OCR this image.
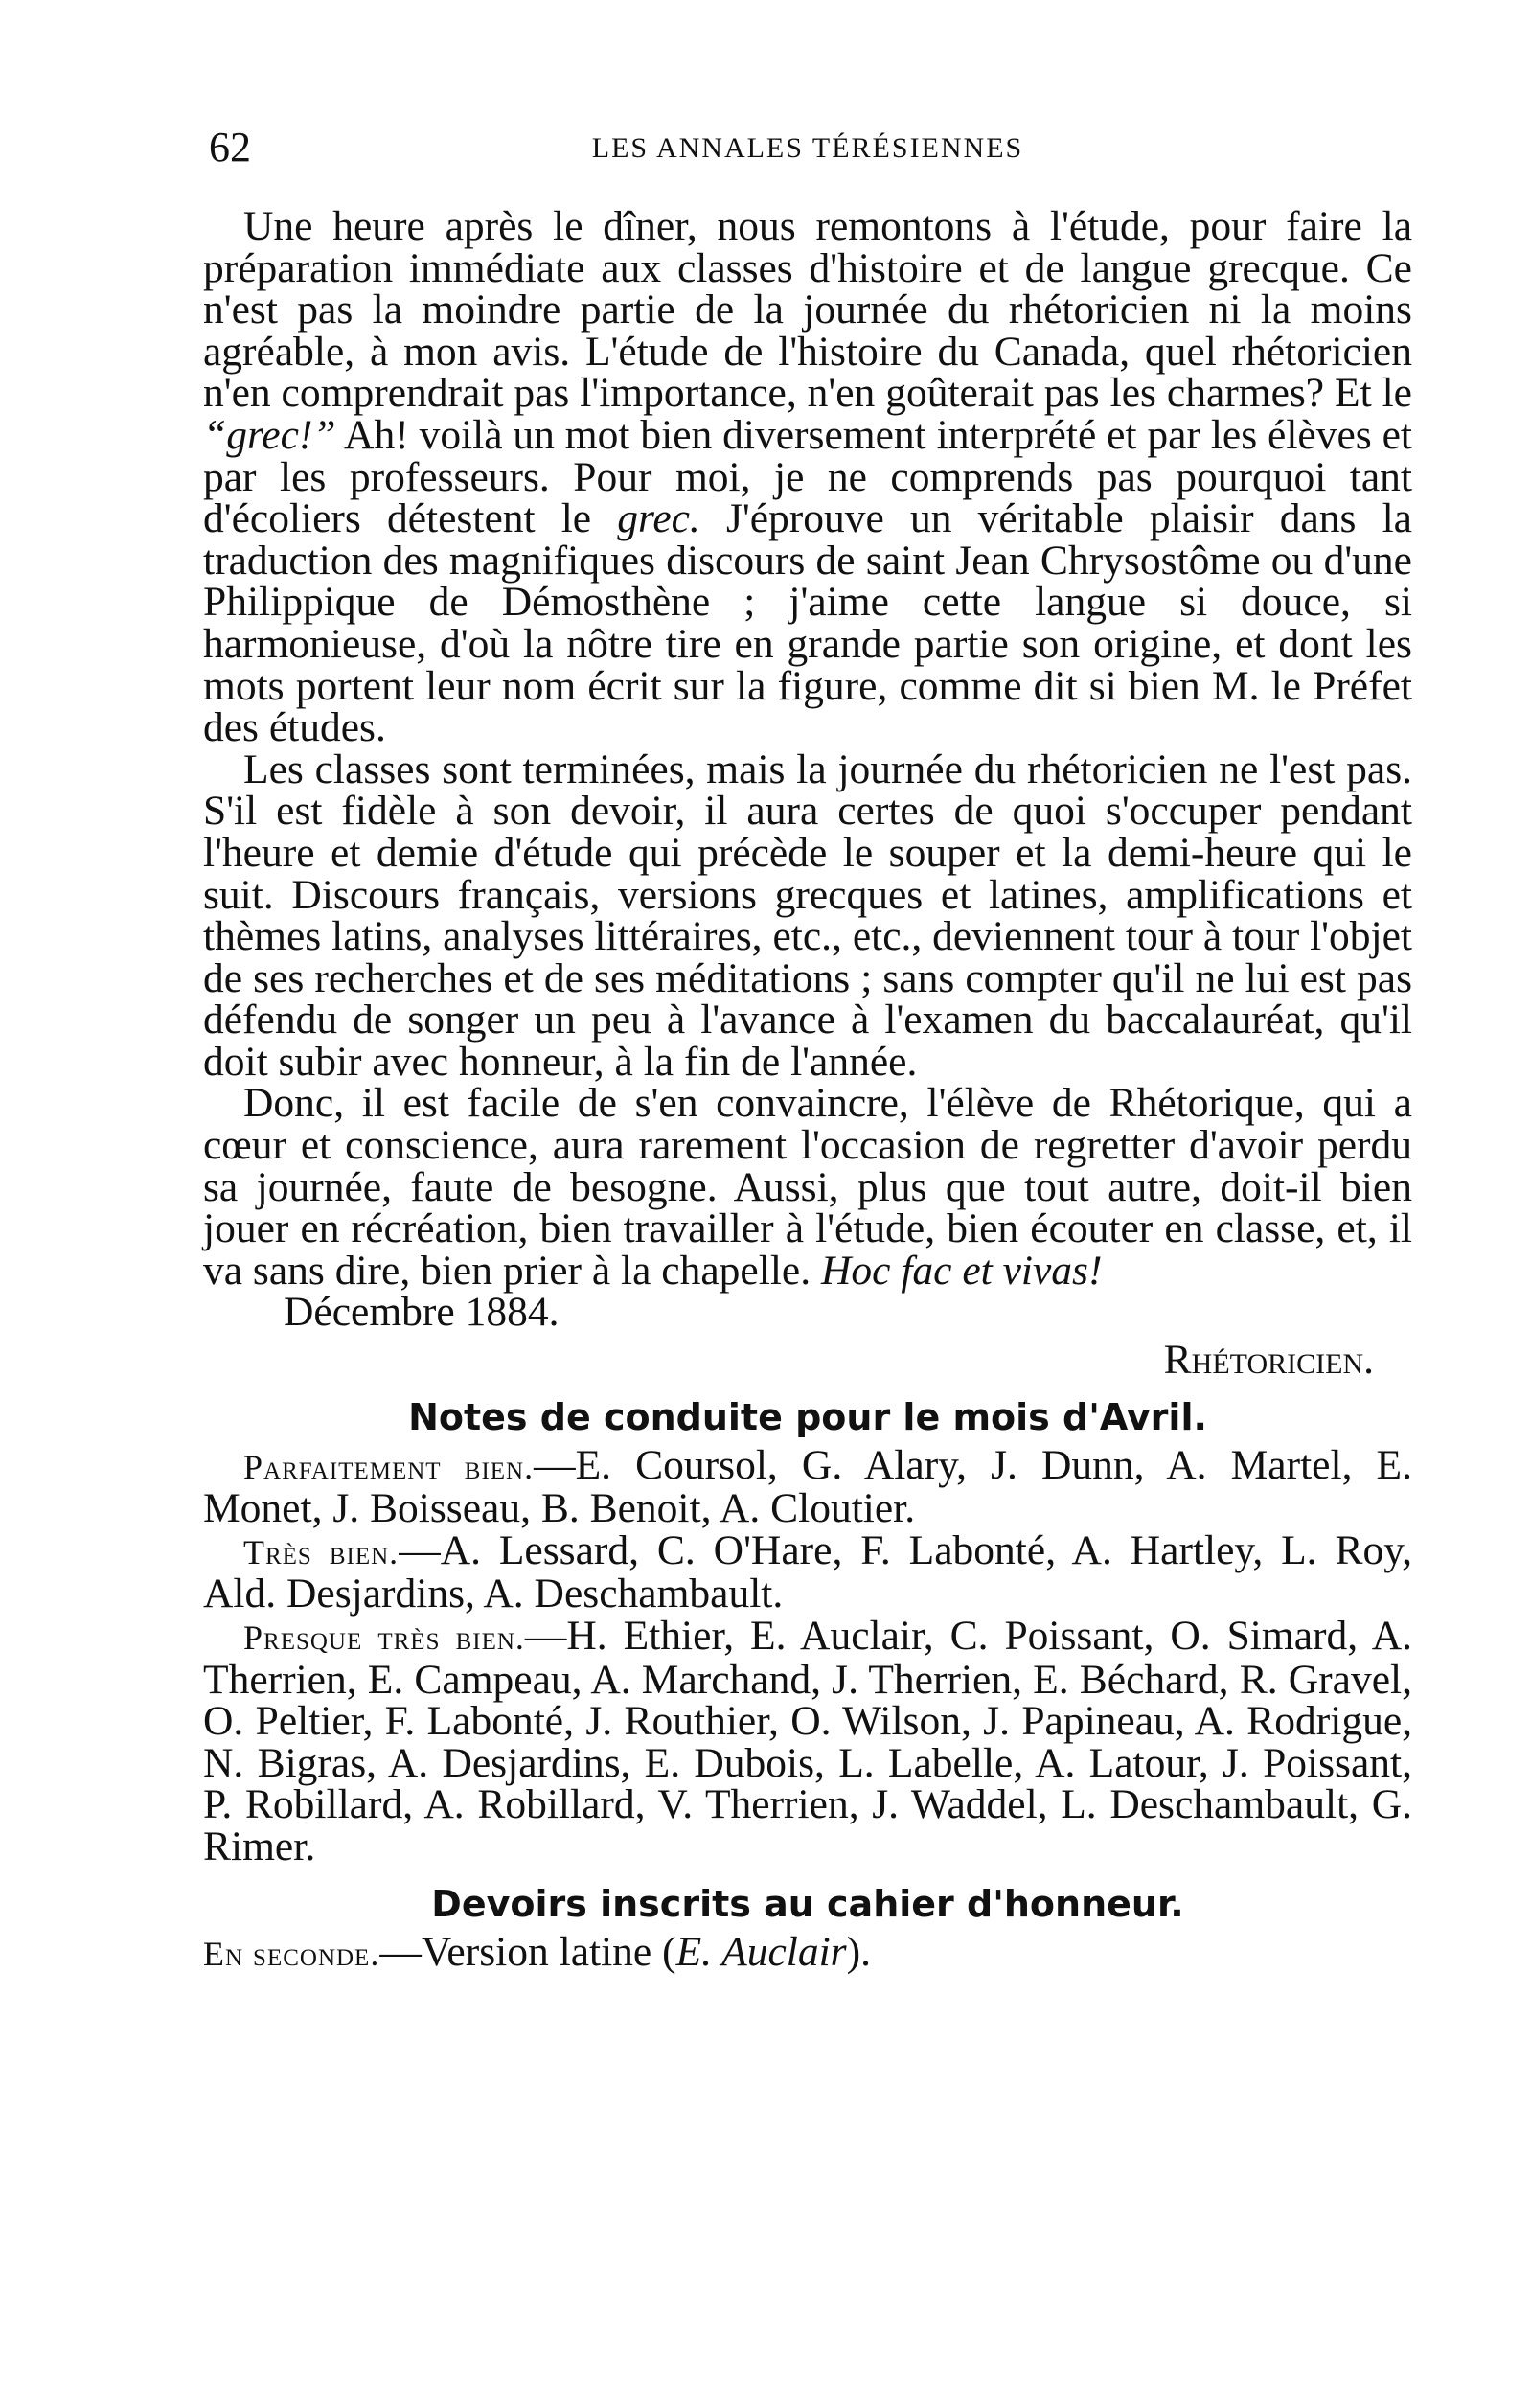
62	LES ANNALES TÉRÉSIENNES

Une heure après le dîner, nous remontons à l'étude, pour faire la préparation immédiate aux classes d'histoire et de langue grecque. Ce n'est pas la moindre partie de la journée du rhétoricien ni la moins agréable, à mon avis. L'étude de l'histoire du Canada, quel rhétoricien n'en comprendrait pas l'importance, n'en goûterait pas les charmes? Et le “grec!” Ah! voilà un mot bien diversement interprété et par les élèves et par les professeurs. Pour moi, je ne comprends pas pourquoi tant d'écoliers détestent le grec. J'éprouve un véritable plaisir dans la traduction des magnifiques discours de saint Jean Chrysostôme ou d'une Philippique de Démosthène ; j'aime cette langue si douce, si harmonieuse, d'où la nôtre tire en grande partie son origine, et dont les mots portent leur nom écrit sur la figure, comme dit si bien M. le Préfet des études.

Les classes sont terminées, mais la journée du rhétoricien ne l'est pas. S'il est fidèle à son devoir, il aura certes de quoi s'occuper pendant l'heure et demie d'étude qui précède le souper et la demi-heure qui le suit. Discours français, versions grecques et latines, amplifications et thèmes latins, analyses littéraires, etc., etc., deviennent tour à tour l'objet de ses recherches et de ses méditations ; sans compter qu'il ne lui est pas défendu de songer un peu à l'avance à l'examen du baccalauréat, qu'il doit subir avec honneur, à la fin de l'année.

Donc, il est facile de s'en convaincre, l'élève de Rhétorique, qui a cœur et conscience, aura rarement l'occasion de regretter d'avoir perdu sa journée, faute de besogne. Aussi, plus que tout autre, doit-il bien jouer en récréation, bien travailler à l'étude, bien écouter en classe, et, il va sans dire, bien prier à la chapelle. Hoc fac et vivas!

Décembre 1884.

Rhétoricien.
Notes de conduite pour le mois d'Avril.

Parfaitement bien.—E. Coursol, G. Alary, J. Dunn, A. Martel, E. Monet, J. Boisseau, B. Benoit, A. Cloutier.

Très bien.—A. Lessard, C. O'Hare, F. Labonté, A. Hartley, L. Roy, Ald. Desjardins, A. Deschambault.

Presque très bien.—H. Ethier, E. Auclair, C. Poissant, O. Simard, A. Therrien, E. Campeau, A. Marchand, J. Therrien, E. Béchard, R. Gravel, O. Peltier, F. Labonté, J. Routhier, O. Wilson, J. Papineau, A. Rodrigue, N. Bigras, A. Desjardins, E. Dubois, L. Labelle, A. Latour, J. Poissant, P. Robillard, A. Robillard, V. Therrien, J. Waddel, L. Deschambault, G. Rimer.

Devoirs inscrits au cahier d'honneur.

En seconde.—Version latine (E. Auclair).
